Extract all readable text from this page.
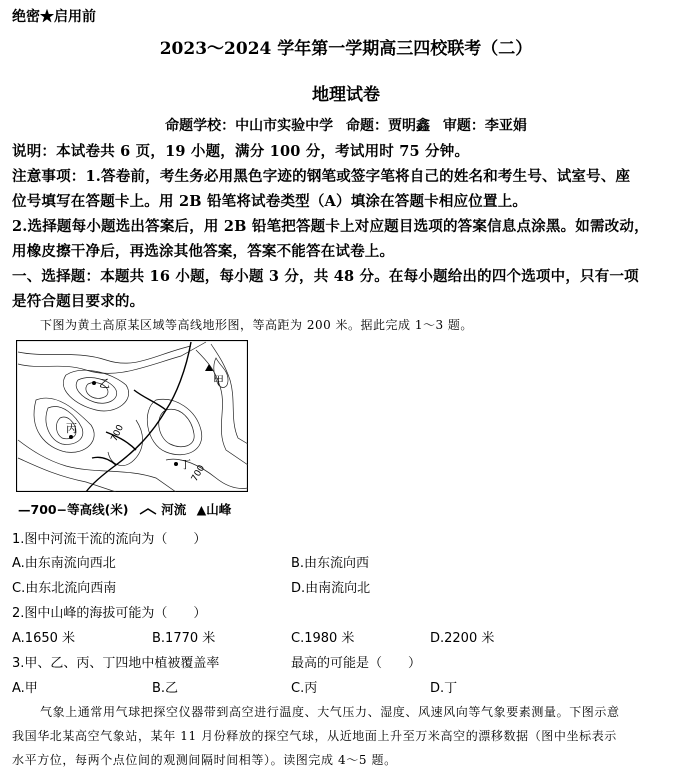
绝密★启用前
2023～2024 学年第一学期高三四校联考（二）
地理试卷
命题学校：中山市实验中学 命题：贾明鑫 审题：李亚娟
说明：本试卷共 6 页，19 小题，满分 100 分，考试用时 75 分钟。
注意事项：1.答卷前，考生务必用黑色字迹的钢笔或签字笔将自己的姓名和考生号、试室号、座
位号填写在答题卡上。用 2B 铅笔将试卷类型（A）填涂在答题卡相应位置上。
2.选择题每小题选出答案后，用 2B 铅笔把答题卡上对应题目选项的答案信息点涂黑。如需改动，
用橡皮擦干净后，再选涂其他答案，答案不能答在试卷上。
一、选择题：本题共 16 小题，每小题 3 分，共 48 分。在每小题给出的四个选项中，只有一项
是符合题目要求的。
下图为黄土高原某区域等高线地形图，等高距为 200 米。据此完成 1～3 题。
甲
乙
丙
丁
700
700
—700−等高线(米)	河流 ▲山峰
1.图中河流干流的流向为（　　）
A.由东南流向西北	B.由东流向西
C.由东北流向西南	D.由南流向北
2.图中山峰的海拔可能为（　　）
A.1650 米	B.1770 米	C.1980 米	D.2200 米
3.甲、乙、丙、丁四地中植被覆盖率	最高的可能是（　　）
A.甲	B.乙	C.丙	D.丁
气象上通常用气球把探空仪器带到高空进行温度、大气压力、湿度、风速风向等气象要素测量。下图示意
我国华北某高空气象站，某年 11 月份释放的探空气球，从近地面上升至万米高空的漂移数据（图中坐标表示
水平方位，每两个点位间的观测间隔时间相等）。读图完成 4～5 题。
